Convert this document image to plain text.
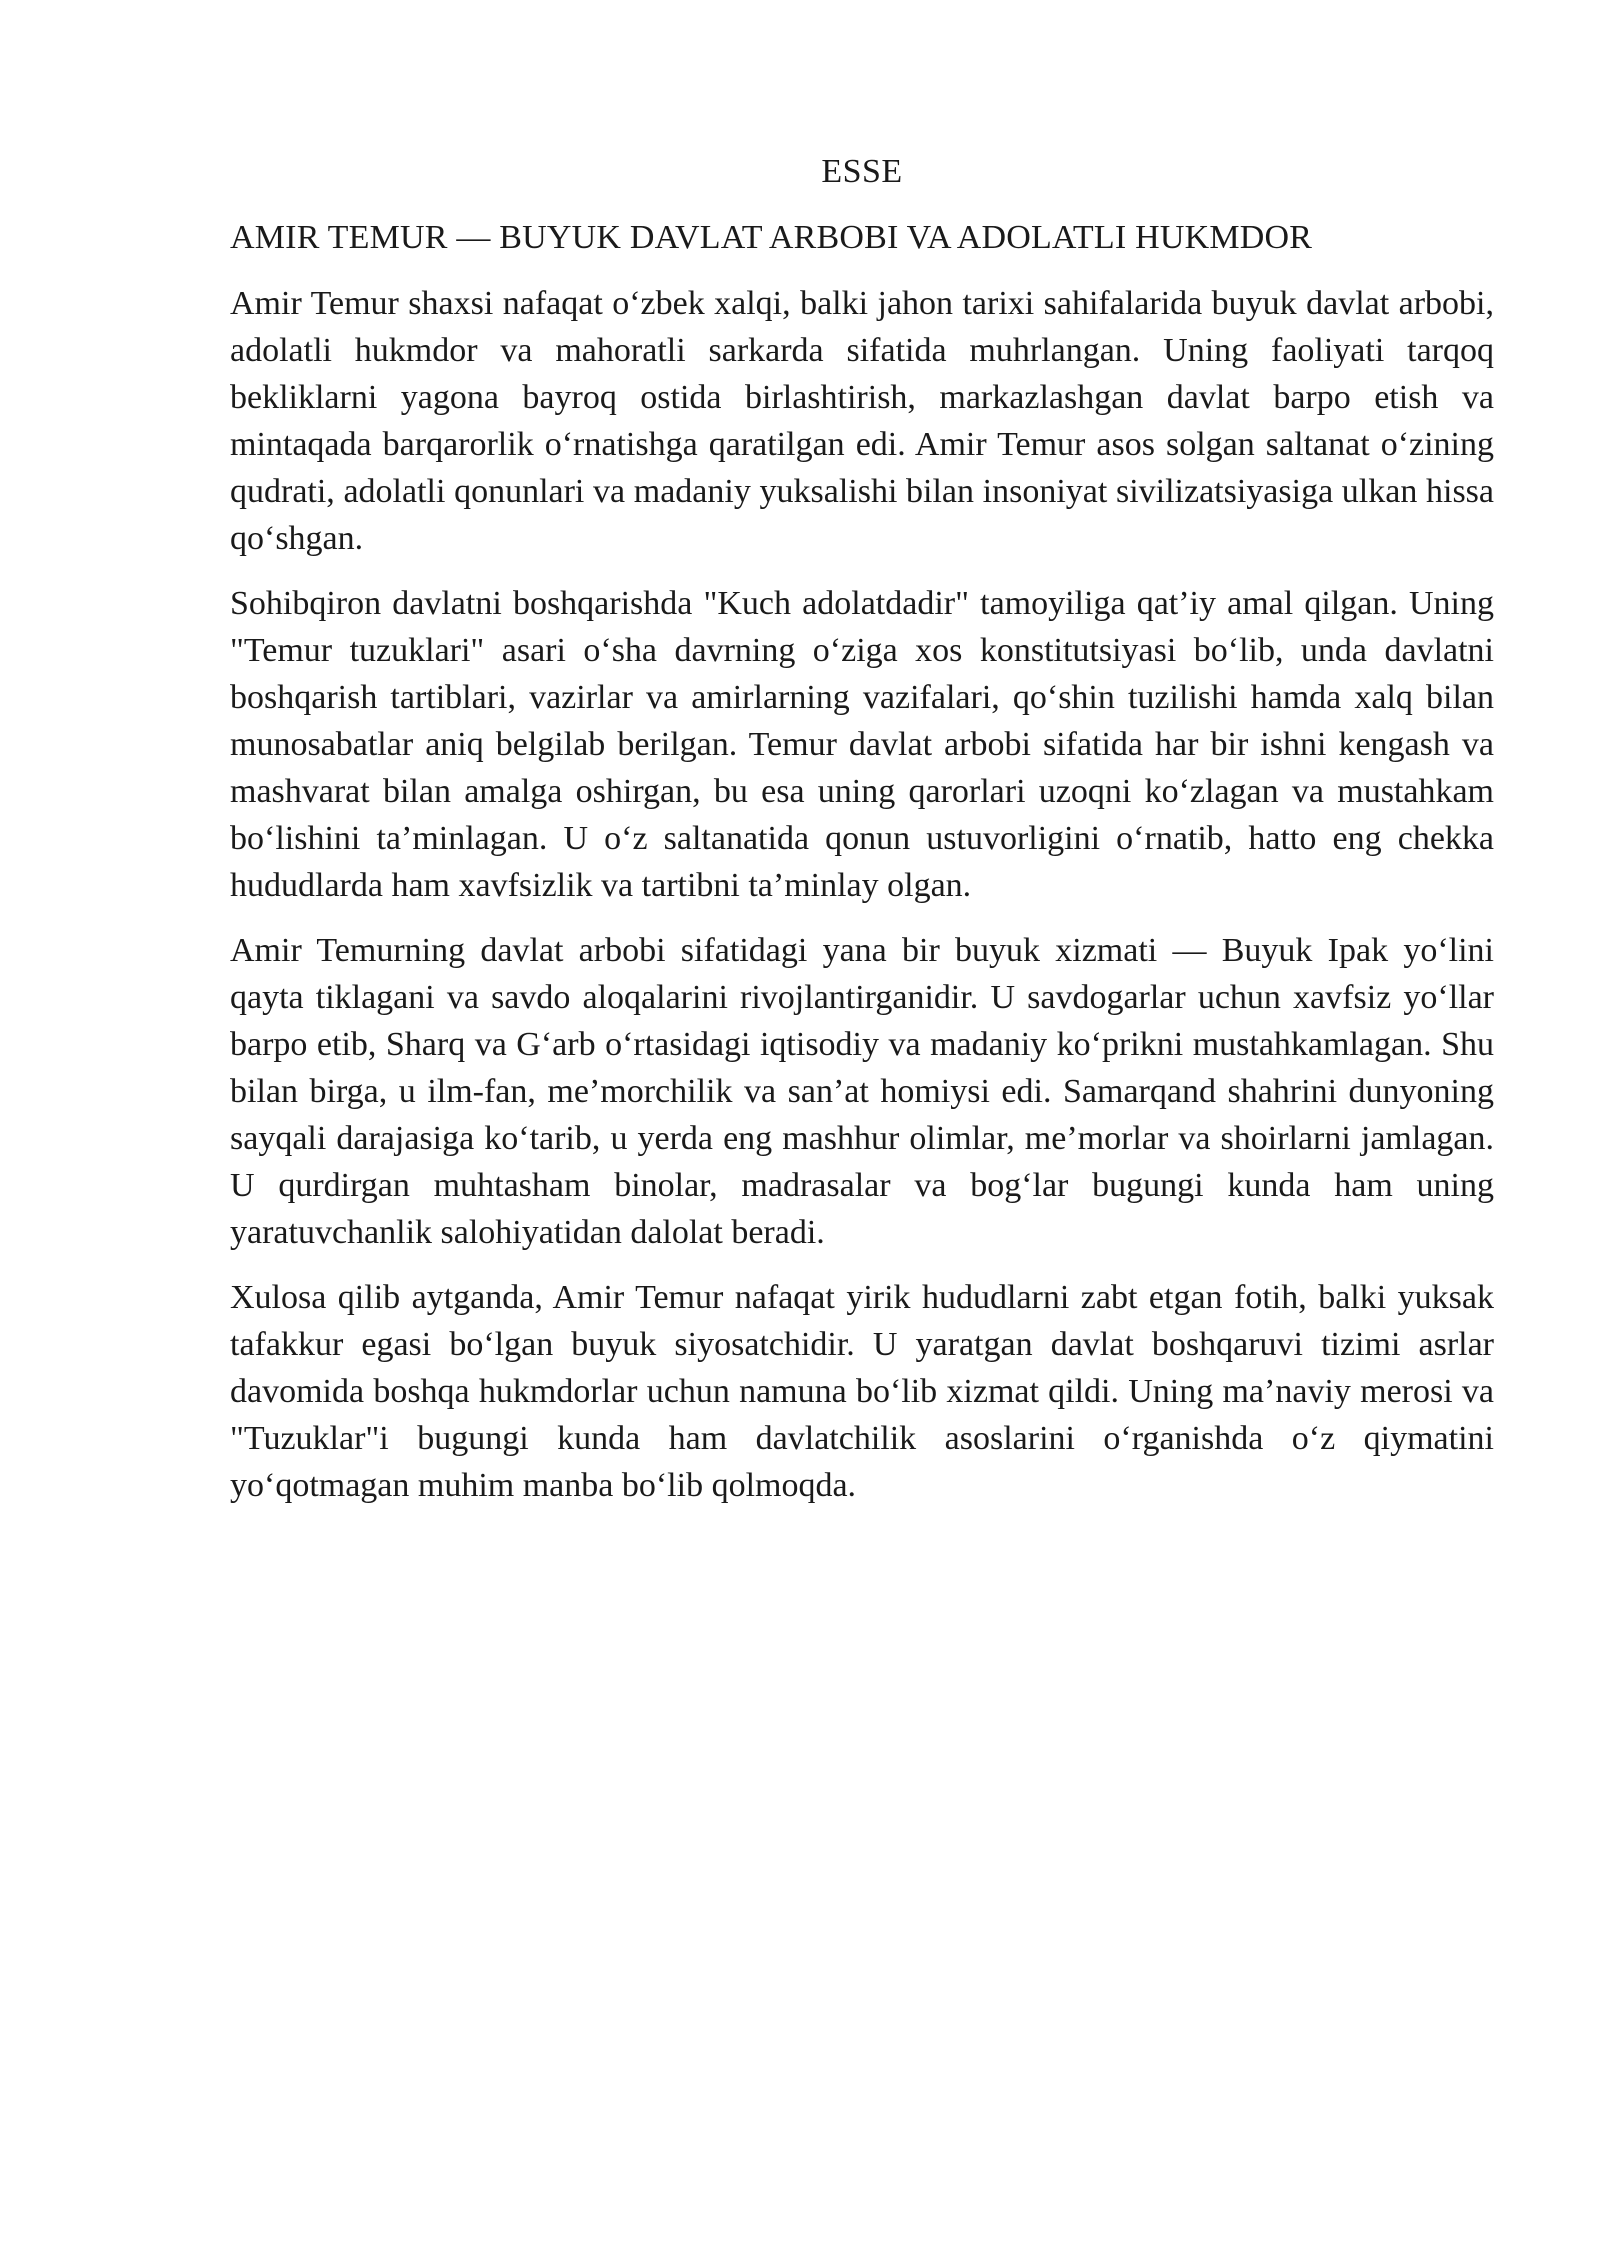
ESSE
AMIR TEMUR — BUYUK DAVLAT ARBOBI VA ADOLATLI HUKMDOR

Amir Temur shaxsi nafaqat o‘zbek xalqi, balki jahon tarixi sahifalarida buyuk davlat arbobi, adolatli hukmdor va mahoratli sarkarda sifatida muhrlangan. Uning faoliyati tarqoq bekliklarni yagona bayroq ostida birlashtirish, markazlashgan davlat barpo etish va mintaqada barqarorlik o‘rnatishga qaratilgan edi. Amir Temur asos solgan saltanat o‘zining qudrati, adolatli qonunlari va madaniy yuksalishi bilan insoniyat sivilizatsiyasiga ulkan hissa qo‘shgan.

Sohibqiron davlatni boshqarishda "Kuch adolatdadir" tamoyiliga qat’iy amal qilgan. Uning "Temur tuzuklari" asari o‘sha davrning o‘ziga xos konstitutsiyasi bo‘lib, unda davlatni boshqarish tartiblari, vazirlar va amirlarning vazifalari, qo‘shin tuzilishi hamda xalq bilan munosabatlar aniq belgilab berilgan. Temur davlat arbobi sifatida har bir ishni kengash va mashvarat bilan amalga oshirgan, bu esa uning qarorlari uzoqni ko‘zlagan va mustahkam bo‘lishini ta’minlagan. U o‘z saltanatida qonun ustuvorligini o‘rnatib, hatto eng chekka hududlarda ham xavfsizlik va tartibni ta’minlay olgan.

Amir Temurning davlat arbobi sifatidagi yana bir buyuk xizmati — Buyuk Ipak yo‘lini qayta tiklagani va savdo aloqalarini rivojlantirganidir. U savdogarlar uchun xavfsiz yo‘llar barpo etib, Sharq va G‘arb o‘rtasidagi iqtisodiy va madaniy ko‘prikni mustahkamlagan. Shu bilan birga, u ilm-fan, me’morchilik va san’at homiysi edi. Samarqand shahrini dunyoning sayqali darajasiga ko‘tarib, u yerda eng mashhur olimlar, me’morlar va shoirlarni jamlagan. U qurdirgan muhtasham binolar, madrasalar va bog‘lar bugungi kunda ham uning yaratuvchanlik salohiyatidan dalolat beradi.

Xulosa qilib aytganda, Amir Temur nafaqat yirik hududlarni zabt etgan fotih, balki yuksak tafakkur egasi bo‘lgan buyuk siyosatchidir. U yaratgan davlat boshqaruvi tizimi asrlar davomida boshqa hukmdorlar uchun namuna bo‘lib xizmat qildi. Uning ma’naviy merosi va "Tuzuklar"i bugungi kunda ham davlatchilik asoslarini o‘rganishda o‘z qiymatini yo‘qotmagan muhim manba bo‘lib qolmoqda.
